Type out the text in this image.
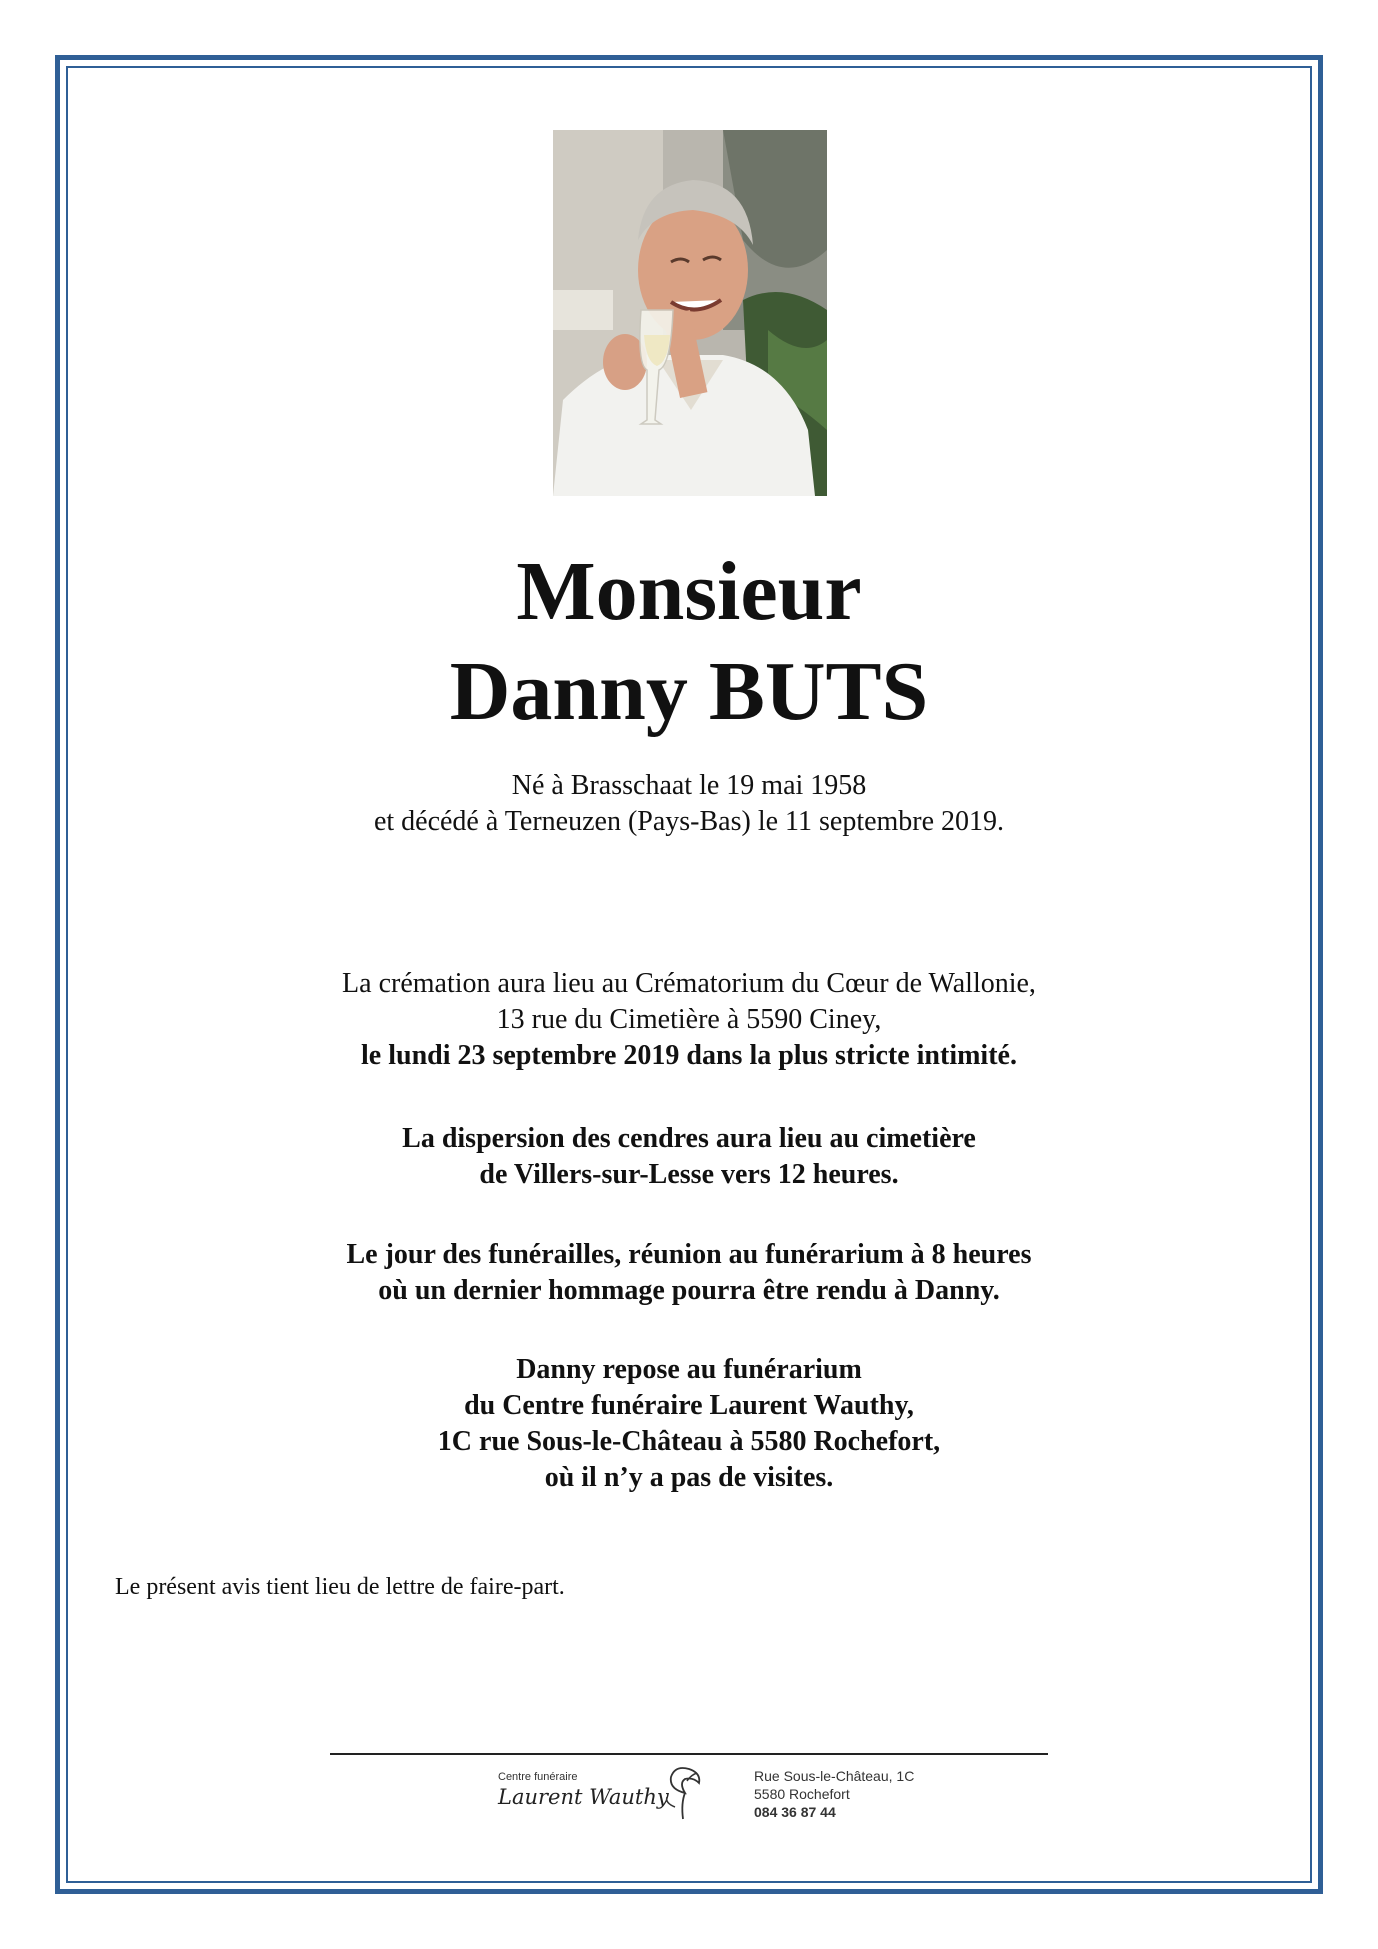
Monsieur
Danny BUTS
Né à Brasschaat le 19 mai 1958
et décédé à Terneuzen (Pays-Bas) le 11 septembre 2019.
La crémation aura lieu au Crématorium du Cœur de Wallonie,
13 rue du Cimetière à 5590 Ciney,
le lundi 23 septembre 2019 dans la plus stricte intimité.
La dispersion des cendres aura lieu au cimetière
de Villers-sur-Lesse vers 12 heures.
Le jour des funérailles, réunion au funérarium à 8 heures
où un dernier hommage pourra être rendu à Danny.
Danny repose au funérarium
du Centre funéraire Laurent Wauthy,
1C rue Sous-le-Château à 5580 Rochefort,
où il n’y a pas de visites.
Le présent avis tient lieu de lettre de faire-part.
Centre funéraire
Laurent Wauthy
Rue Sous-le-Château, 1C
5580 Rochefort
084 36 87 44
